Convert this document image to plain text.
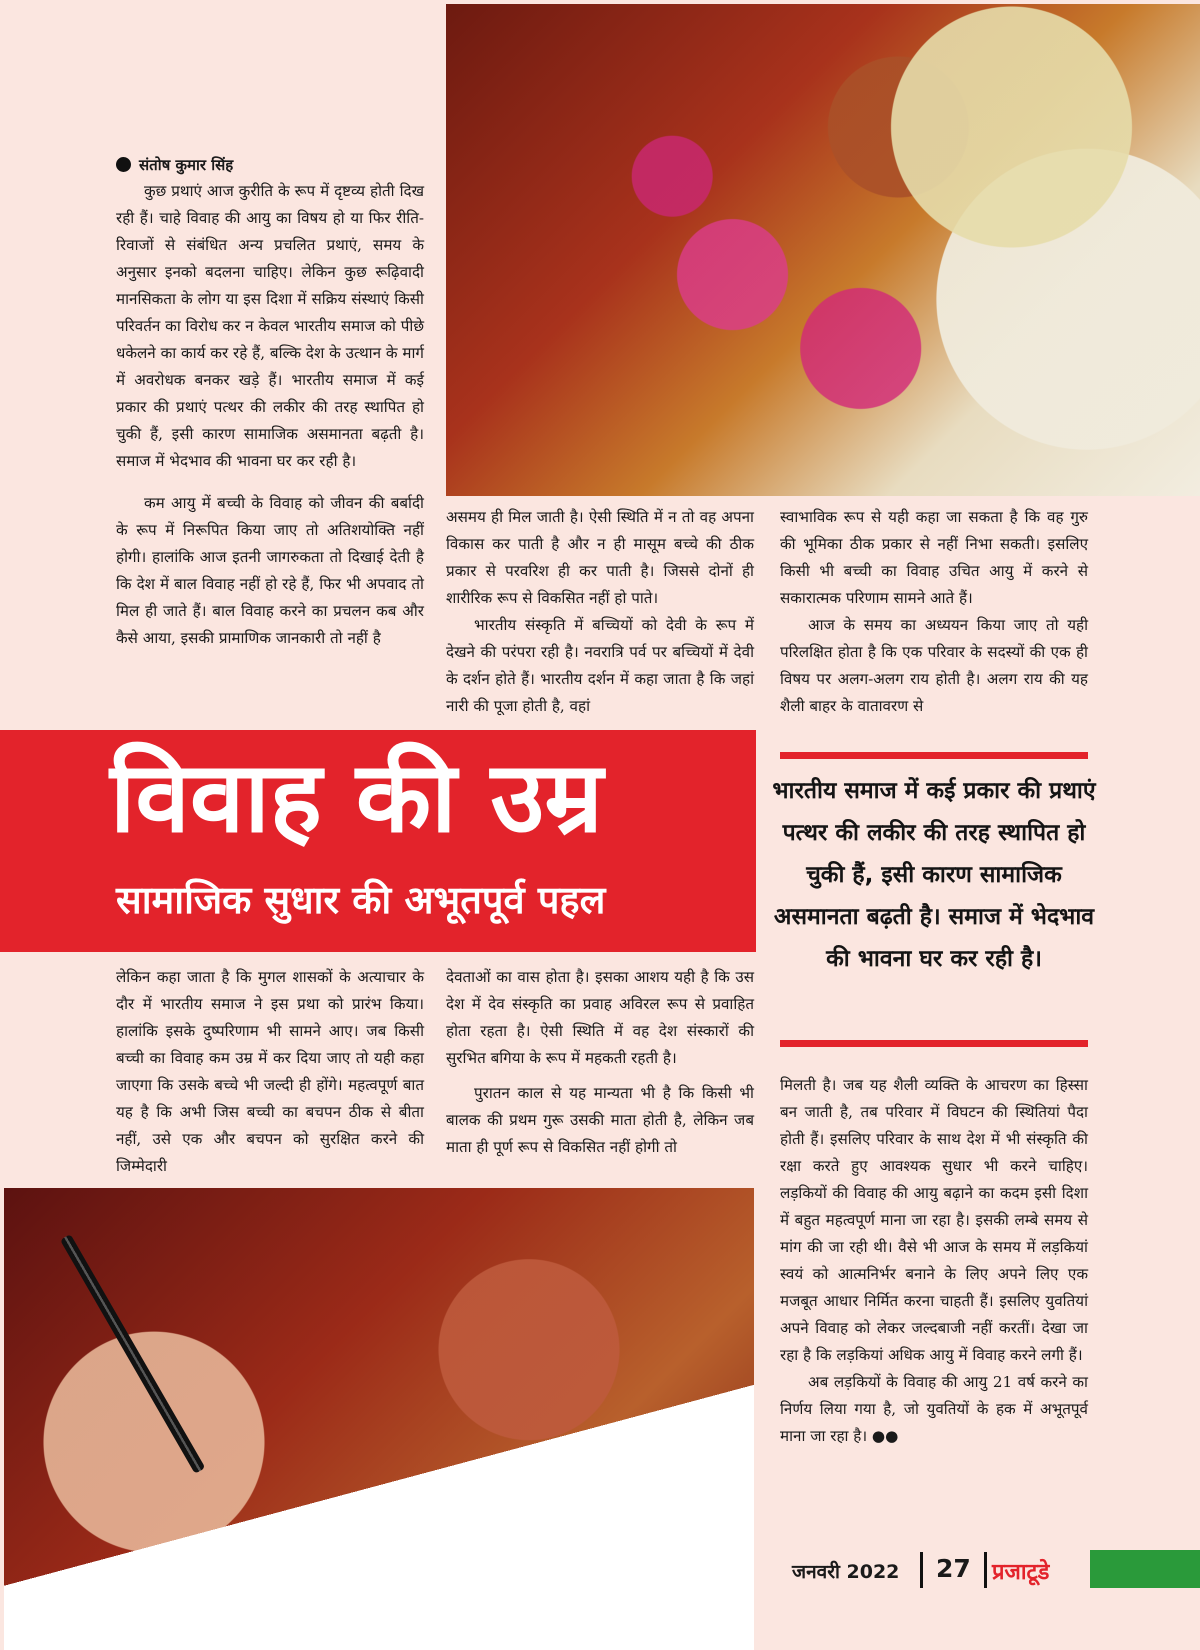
संतोष कुमार सिंह

कुछ प्रथाएं आज कुरीति के रूप में दृष्टव्य होती दिख रही हैं। चाहे विवाह की आयु का विषय हो या फिर रीति-रिवाजों से संबंधित अन्य प्रचलित प्रथाएं, समय के अनुसार इनको बदलना चाहिए। लेकिन कुछ रूढ़िवादी मानसिकता के लोग या इस दिशा में सक्रिय संस्थाएं किसी परिवर्तन का विरोध कर न केवल भारतीय समाज को पीछे धकेलने का कार्य कर रहे हैं, बल्कि देश के उत्थान के मार्ग में अवरोधक बनकर खड़े हैं। भारतीय समाज में कई प्रकार की प्रथाएं पत्थर की लकीर की तरह स्थापित हो चुकी हैं, इसी कारण सामाजिक असमानता बढ़ती है। समाज में भेदभाव की भावना घर कर रही है।

कम आयु में बच्ची के विवाह को जीवन की बर्बादी के रूप में निरूपित किया जाए तो अतिशयोक्ति नहीं होगी। हालांकि आज इतनी जागरुकता तो दिखाई देती है कि देश में बाल विवाह नहीं हो रहे हैं, फिर भी अपवाद तो मिल ही जाते हैं। बाल विवाह करने का प्रचलन कब और कैसे आया, इसकी प्रामाणिक जानकारी तो नहीं है

असमय ही मिल जाती है। ऐसी स्थिति में न तो वह अपना विकास कर पाती है और न ही मासूम बच्चे की ठीक प्रकार से परवरिश ही कर पाती है। जिससे दोनों ही शारीरिक रूप से विकसित नहीं हो पाते।

भारतीय संस्कृति में बच्चियों को देवी के रूप में देखने की परंपरा रही है। नवरात्रि पर्व पर बच्चियों में देवी के दर्शन होते हैं। भारतीय दर्शन में कहा जाता है कि जहां नारी की पूजा होती है, वहां

स्वाभाविक रूप से यही कहा जा सकता है कि वह गुरु की भूमिका ठीक प्रकार से नहीं निभा सकती। इसलिए किसी भी बच्ची का विवाह उचित आयु में करने से सकारात्मक परिणाम सामने आते हैं।

आज के समय का अध्ययन किया जाए तो यही परिलक्षित होता है कि एक परिवार के सदस्यों की एक ही विषय पर अलग-अलग राय होती है। अलग राय की यह शैली बाहर के वातावरण से

विवाह की उम्र
सामाजिक सुधार की अभूतपूर्व पहल
भारतीय समाज में कई प्रकार की प्रथाएं पत्थर की लकीर की तरह स्थापित हो चुकी हैं, इसी कारण सामाजिक असमानता बढ़ती है। समाज में भेदभाव की भावना घर कर रही है।

लेकिन कहा जाता है कि मुगल शासकों के अत्याचार के दौर में भारतीय समाज ने इस प्रथा को प्रारंभ किया। हालांकि इसके दुष्परिणाम भी सामने आए। जब किसी बच्ची का विवाह कम उम्र में कर दिया जाए तो यही कहा जाएगा कि उसके बच्चे भी जल्दी ही होंगे। महत्वपूर्ण बात यह है कि अभी जिस बच्ची का बचपन ठीक से बीता नहीं, उसे एक और बचपन को सुरक्षित करने की जिम्मेदारी

देवताओं का वास होता है। इसका आशय यही है कि उस देश में देव संस्कृति का प्रवाह अविरल रूप से प्रवाहित होता रहता है। ऐसी स्थिति में वह देश संस्कारों की सुरभित बगिया के रूप में महकती रहती है।

पुरातन काल से यह मान्यता भी है कि किसी भी बालक की प्रथम गुरू उसकी माता होती है, लेकिन जब माता ही पूर्ण रूप से विकसित नहीं होगी तो

मिलती है। जब यह शैली व्यक्ति के आचरण का हिस्सा बन जाती है, तब परिवार में विघटन की स्थितियां पैदा होती हैं। इसलिए परिवार के साथ देश में भी संस्कृति की रक्षा करते हुए आवश्यक सुधार भी करने चाहिए। लड़कियों की विवाह की आयु बढ़ाने का कदम इसी दिशा में बहुत महत्वपूर्ण माना जा रहा है। इसकी लम्बे समय से मांग की जा रही थी। वैसे भी आज के समय में लड़कियां स्वयं को आत्मनिर्भर बनाने के लिए अपने लिए एक मजबूत आधार निर्मित करना चाहती हैं। इसलिए युवतियां अपने विवाह को लेकर जल्दबाजी नहीं करतीं। देखा जा रहा है कि लड़कियां अधिक आयु में विवाह करने लगी हैं।

अब लड़कियों के विवाह की आयु 21 वर्ष करने का निर्णय लिया गया है, जो युवतियों के हक में अभूतपूर्व माना जा रहा है। ●●

जनवरी 2022 27 प्रजाटूडे
